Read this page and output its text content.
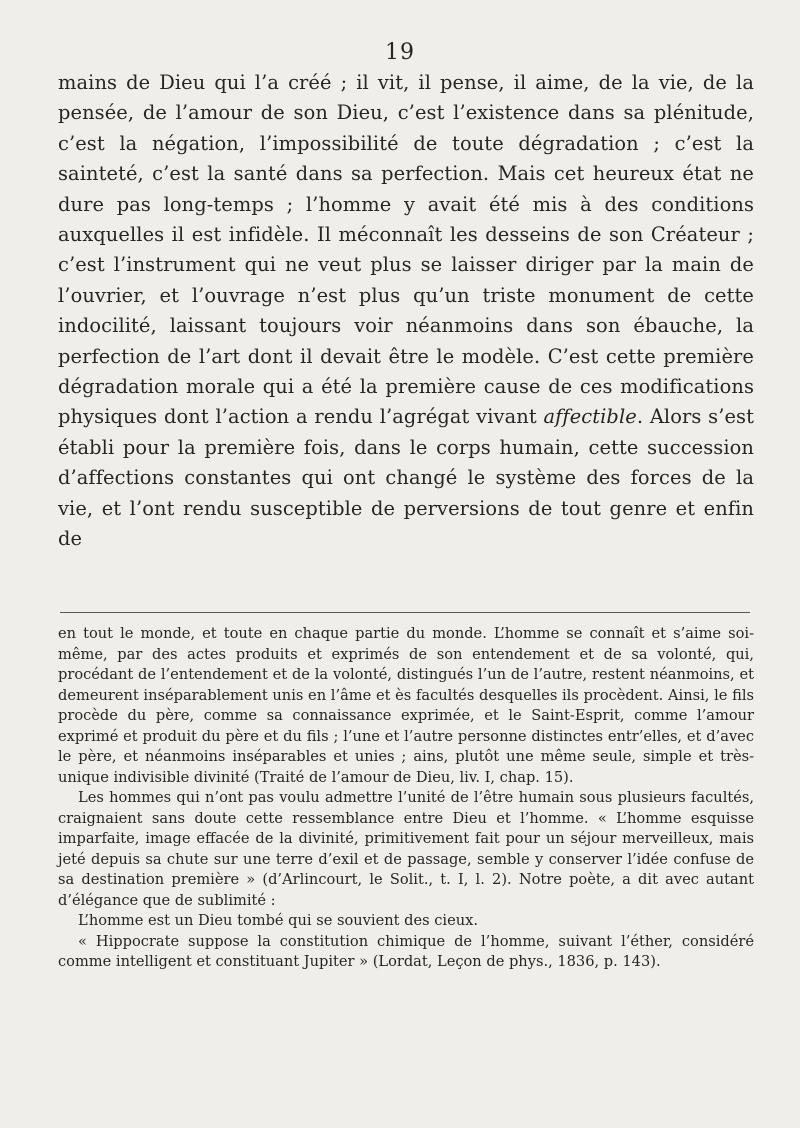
19

mains de Dieu qui l’a créé ; il vit, il pense, il aime, de la vie, de la pensée, de l’amour de son Dieu, c’est l’existence dans sa plénitude, c’est la négation, l’impossibilité de toute dégradation ; c’est la sainteté, c’est la santé dans sa perfection. Mais cet heureux état ne dure pas long-temps ; l’homme y avait été mis à des conditions auxquelles il est infidèle. Il méconnaît les desseins de son Créateur ; c’est l’instrument qui ne veut plus se laisser diriger par la main de l’ouvrier, et l’ouvrage n’est plus qu’un triste monument de cette indocilité, laissant toujours voir néanmoins dans son ébauche, la perfection de l’art dont il devait être le modèle. C’est cette première dégradation morale qui a été la première cause de ces modifications physiques dont l’action a rendu l’agrégat vivant affectible. Alors s’est établi pour la première fois, dans le corps humain, cette succession d’affections constantes qui ont changé le système des forces de la vie, et l’ont rendu susceptible de perversions de tout genre et enfin de

en tout le monde, et toute en chaque partie du monde. L’homme se connaît et s’aime soi-même, par des actes produits et exprimés de son entendement et de sa volonté, qui, procédant de l’entendement et de la volonté, distingués l’un de l’autre, restent néanmoins, et demeurent inséparablement unis en l’âme et ès facultés desquelles ils procèdent. Ainsi, le fils procède du père, comme sa connaissance exprimée, et le Saint-Esprit, comme l’amour exprimé et produit du père et du fils ; l’une et l’autre personne distinctes entr’elles, et d’avec le père, et néanmoins inséparables et unies ; ains, plutôt une même seule, simple et très-unique indivisible divinité (Traité de l’amour de Dieu, liv. I, chap. 15).

Les hommes qui n’ont pas voulu admettre l’unité de l’être humain sous plusieurs facultés, craignaient sans doute cette ressemblance entre Dieu et l’homme. « L’homme esquisse imparfaite, image effacée de la divinité, primitivement fait pour un séjour merveilleux, mais jeté depuis sa chute sur une terre d’exil et de passage, semble y conserver l’idée confuse de sa destination première » (d’Arlincourt, le Solit., t. I, l. 2). Notre poète, a dit avec autant d’élégance que de sublimité :

L’homme est un Dieu tombé qui se souvient des cieux.

« Hippocrate suppose la constitution chimique de l’homme, suivant l’éther, considéré comme intelligent et constituant Jupiter » (Lordat, Leçon de phys., 1836, p. 143).
